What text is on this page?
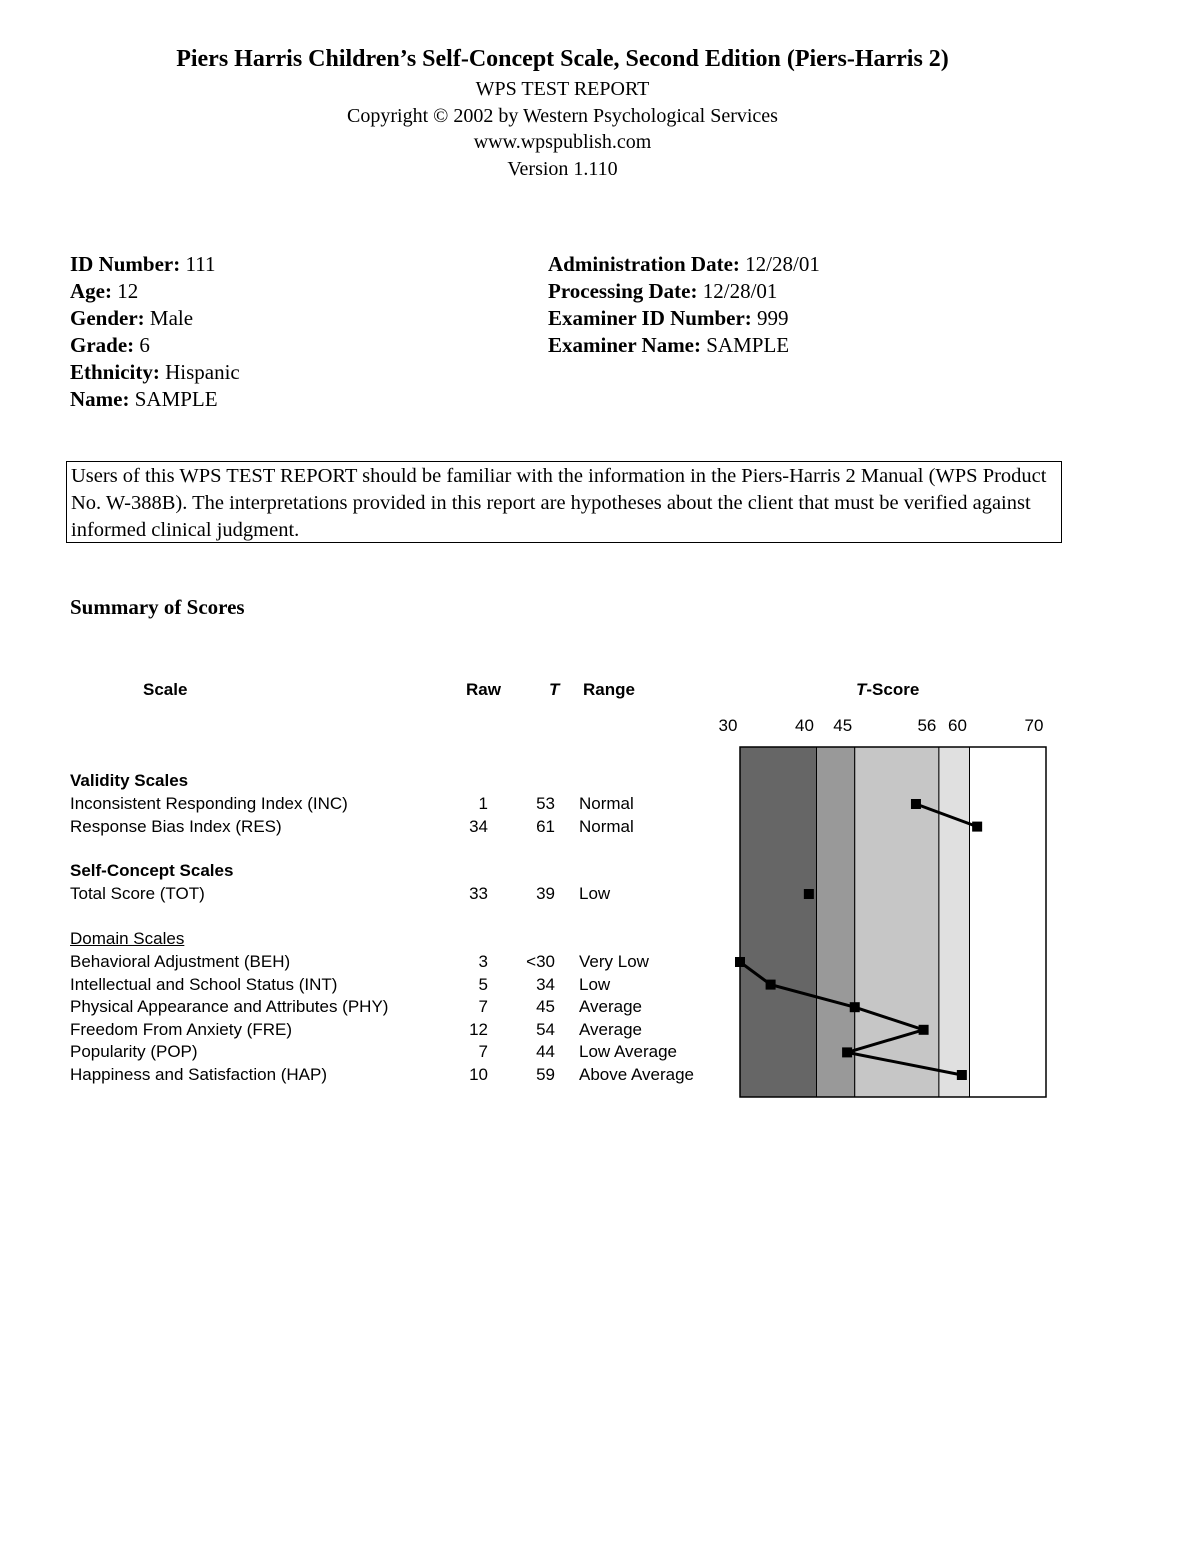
Piers Harris Children’s Self-Concept Scale, Second Edition (Piers-Harris 2)
WPS TEST REPORT
Copyright © 2002 by Western Psychological Services
www.wpspublish.com
Version 1.110
ID Number: 111
Age: 12
Gender: Male
Grade: 6
Ethnicity: Hispanic
Name: SAMPLE
Administration Date: 12/28/01
Processing Date: 12/28/01
Examiner ID Number: 999
Examiner Name: SAMPLE
Users of this WPS TEST REPORT should be familiar with the information in the Piers-Harris 2 Manual (WPS Product No. W-388B). The interpretations provided in this report are hypotheses about the client that must be verified against informed clinical judgment.
Summary of Scores
Scale	Raw	T Range	T-Score
Validity Scales
Inconsistent Responding Index (INC)	1	53 Normal
Response Bias Index (RES)	34	61 Normal
Self-Concept Scales
Total Score (TOT)	33	39 Low
Domain Scales
Behavioral Adjustment (BEH)	3	<30 Very Low
Intellectual and School Status (INT)	5	34 Low
Physical Appearance and Attributes (PHY)	7	45 Average
Freedom From Anxiety (FRE)	12	54 Average
Popularity (POP)	7	44 Low Average
Happiness and Satisfaction (HAP)	10	59 Above Average
30	40 45	56 60	70
